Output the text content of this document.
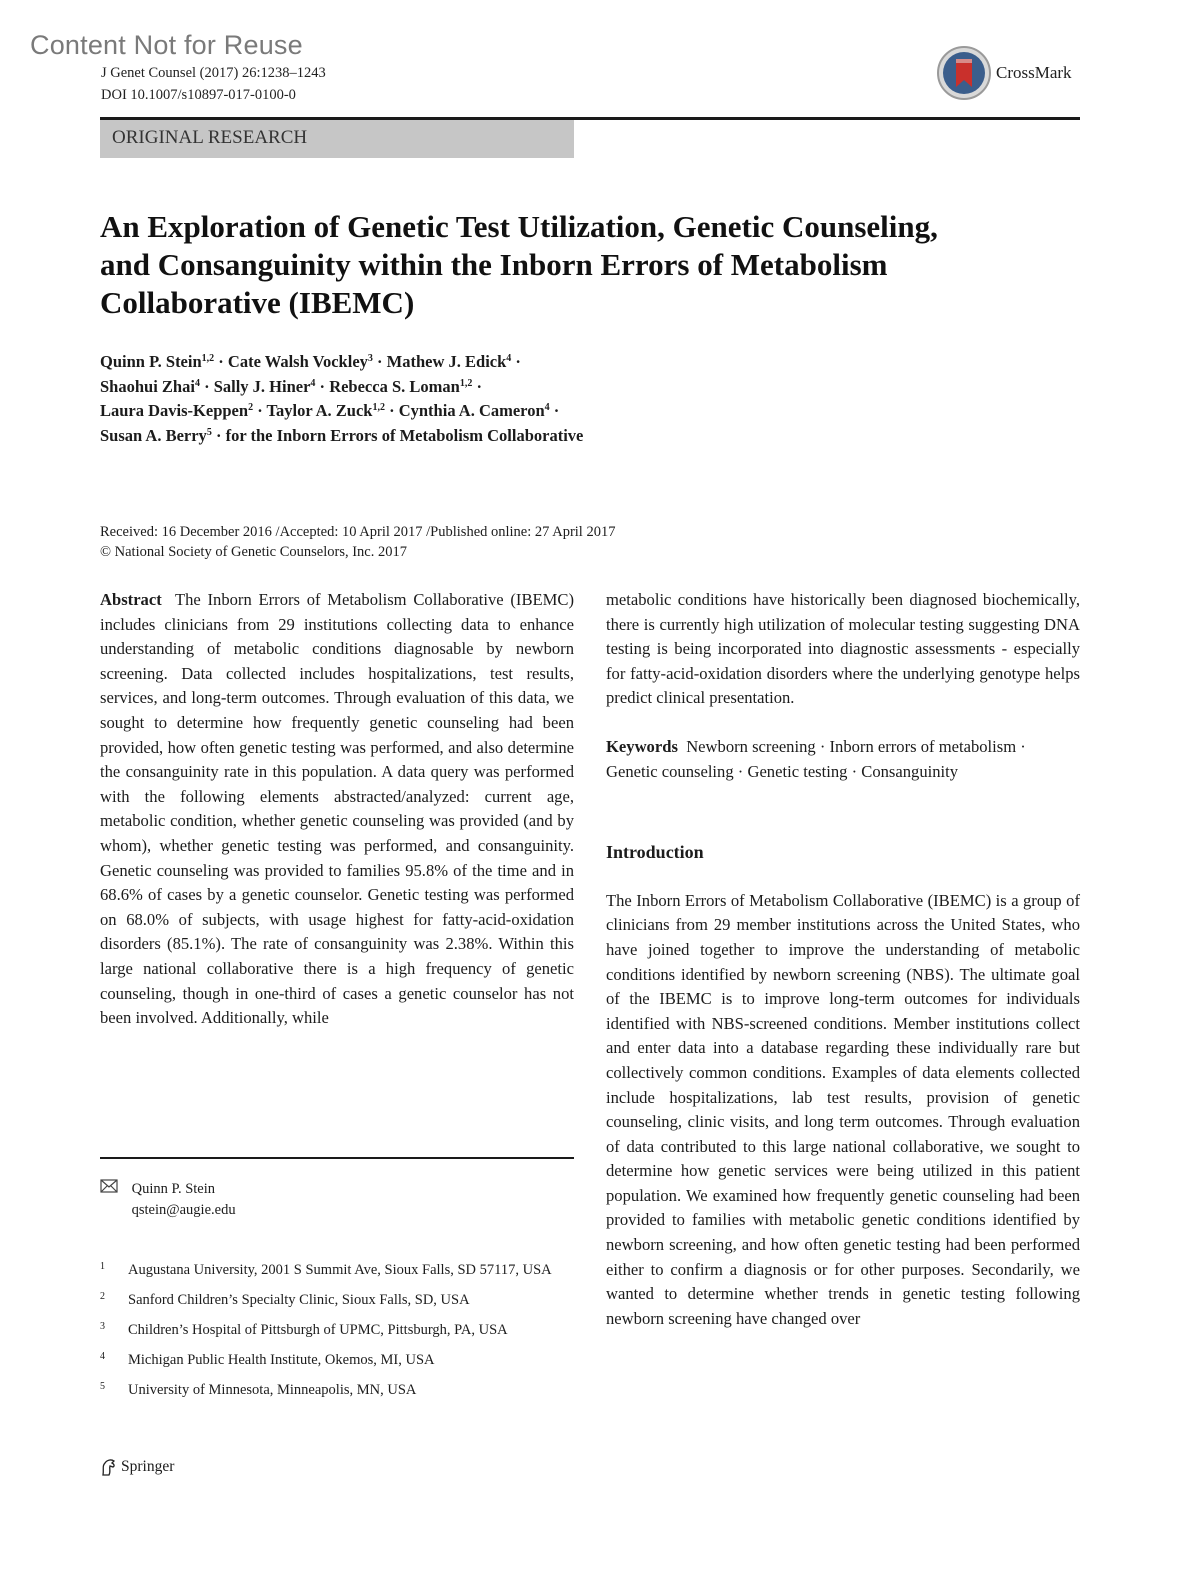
Content Not for Reuse
J Genet Counsel (2017) 26:1238–1243
DOI 10.1007/s10897-017-0100-0
CrossMark
ORIGINAL RESEARCH
An Exploration of Genetic Test Utilization, Genetic Counseling,
and Consanguinity within the Inborn Errors of Metabolism
Collaborative (IBEMC)
Quinn P. Stein$^{1,2}$ · Cate Walsh Vockley$^3$ · Mathew J. Edick$^4$ ·
Shaohui Zhai$^4$ · Sally J. Hiner$^4$ · Rebecca S. Loman$^{1,2}$ ·
Laura Davis-Keppen$^2$ · Taylor A. Zuck$^{1,2}$ · Cynthia A. Cameron$^4$ ·
Susan A. Berry$^5$ · for the Inborn Errors of Metabolism Collaborative
Received: 16 December 2016 /Accepted: 10 April 2017 /Published online: 27 April 2017
© National Society of Genetic Counselors, Inc. 2017

Abstract The Inborn Errors of Metabolism Collaborative (IBEMC) includes clinicians from 29 institutions collecting data to enhance understanding of metabolic conditions diagnosable by newborn screening. Data collected includes hospitalizations, test results, services, and long-term outcomes. Through evaluation of this data, we sought to determine how frequently genetic counseling had been provided, how often genetic testing was performed, and also determine the consanguinity rate in this population. A data query was performed with the following elements abstracted/analyzed: current age, metabolic condition, whether genetic counseling was provided (and by whom), whether genetic testing was performed, and consanguinity. Genetic counseling was provided to families 95.8% of the time and in 68.6% of cases by a genetic counselor. Genetic testing was performed on 68.0% of subjects, with usage highest for fatty-acid-oxidation disorders (85.1%). The rate of consanguinity was 2.38%. Within this large national collaborative there is a high frequency of genetic counseling, though in one-third of cases a genetic counselor has not been involved. Additionally, while

metabolic conditions have historically been diagnosed biochemically, there is currently high utilization of molecular testing suggesting DNA testing is being incorporated into diagnostic assessments - especially for fatty-acid-oxidation disorders where the underlying genotype helps predict clinical presentation.

Keywords Newborn screening · Inborn errors of metabolism · Genetic counseling · Genetic testing · Consanguinity

Introduction

The Inborn Errors of Metabolism Collaborative (IBEMC) is a group of clinicians from 29 member institutions across the United States, who have joined together to improve the understanding of metabolic conditions identified by newborn screening (NBS). The ultimate goal of the IBEMC is to improve long-term outcomes for individuals identified with NBS-screened conditions. Member institutions collect and enter data into a database regarding these individually rare but collectively common conditions. Examples of data elements collected include hospitalizations, lab test results, provision of genetic counseling, clinic visits, and long term outcomes. Through evaluation of data contributed to this large national collaborative, we sought to determine how genetic services were being utilized in this patient population. We examined how frequently genetic counseling had been provided to families with metabolic genetic conditions identified by newborn screening, and how often genetic testing had been performed either to confirm a diagnosis or for other purposes. Secondarily, we wanted to determine whether trends in genetic testing following newborn screening have changed over

Quinn P. Stein
qstein@augie.edu
1	Augustana University, 2001 S Summit Ave, Sioux Falls, SD 57117, USA
2	Sanford Children’s Specialty Clinic, Sioux Falls, SD, USA
3	Children’s Hospital of Pittsburgh of UPMC, Pittsburgh, PA, USA
4	Michigan Public Health Institute, Okemos, MI, USA
5	University of Minnesota, Minneapolis, MN, USA
Springer
